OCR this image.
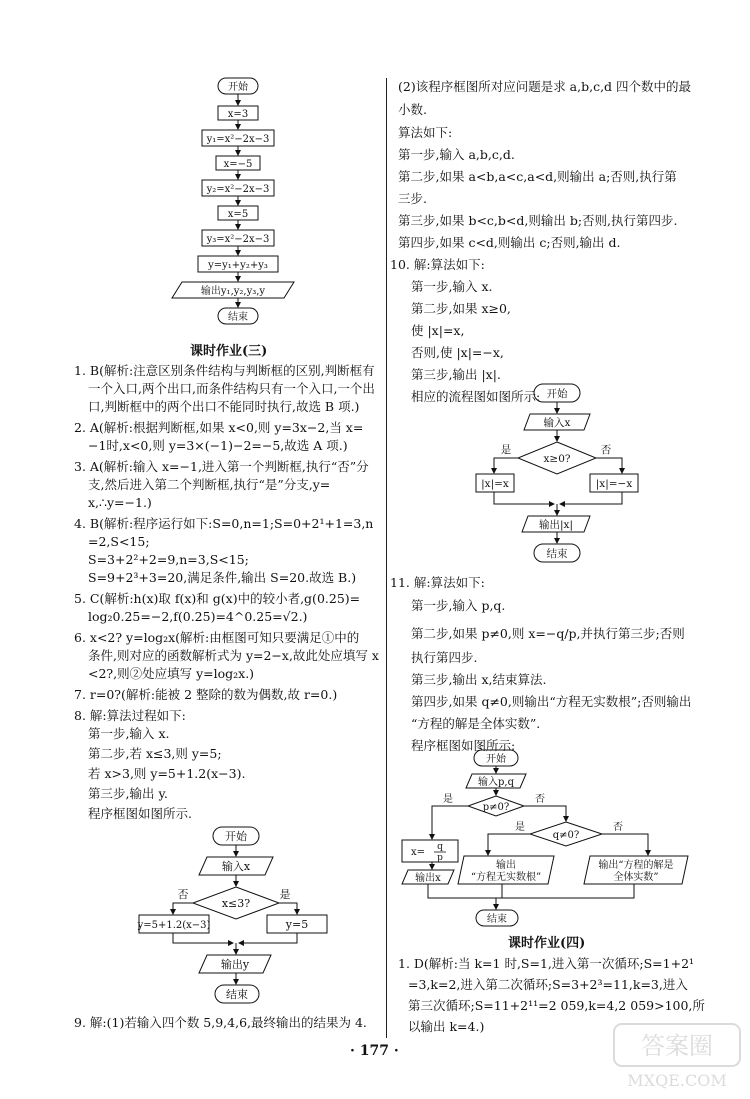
开始
x=3
y₁=x²−2x−3
x=−5
y₂=x²−2x−3
x=5
y₃=x²−2x−3
y=y₁+y₂+y₃
输出y₁,y₂,y₃,y
结束
课时作业(三)
1. B(解析:注意区别条件结构与判断框的区别,判断框有
一个入口,两个出口,而条件结构只有一个入口,一个出
口,判断框中的两个出口不能同时执行,故选 B 项.)
2. A(解析:根据判断框,如果 x<0,则 y=3x−2,当 x=
−1时,x<0,则 y=3×(−1)−2=−5,故选 A 项.)
3. A(解析:输入 x=−1,进入第一个判断框,执行“否”分
支,然后进入第二个判断框,执行“是”分支,y=
x,∴y=−1.)
4. B(解析:程序运行如下:S=0,n=1;S=0+2¹+1=3,n
=2,S<15;
S=3+2²+2=9,n=3,S<15;
S=9+2³+3=20,满足条件,输出 S=20.故选 B.)
5. C(解析:h(x)取 f(x)和 g(x)中的较小者,g(0.25)=
log₂0.25=−2,f(0.25)=4^0.25=√2.)
6. x<2? y=log₂x(解析:由框图可知只要满足①中的
条件,则对应的函数解析式为 y=2−x,故此处应填写 x
<2?,则②处应填写 y=log₂x.)
7. r=0?(解析:能被 2 整除的数为偶数,故 r=0.)
8. 解:算法过程如下:
第一步,输入 x.
第二步,若 x≤3,则 y=5;
若 x>3,则 y=5+1.2(x−3).
第三步,输出 y.
程序框图如图所示.
开始
输入x
x≤3?
否	是
y=5+1.2(x−3)	y=5
输出y
结束
9. 解:(1)若输入四个数 5,9,4,6,最终输出的结果为 4.
(2)该程序框图所对应问题是求 a,b,c,d 四个数中的最
小数.
算法如下:
第一步,输入 a,b,c,d.
第二步,如果 a<b,a<c,a<d,则输出 a;否则,执行第
三步.
第三步,如果 b<c,b<d,则输出 b;否则,执行第四步.
第四步,如果 c<d,则输出 c;否则,输出 d.
10. 解:算法如下:
第一步,输入 x.
第二步,如果 x≥0,
使 |x|=x,
否则,使 |x|=−x,
第三步,输出 |x|.
相应的流程图如图所示: 开始
输入x
x≥0?
是	否
|x|=x	|x|=−x
输出|x|
结束
11. 解:算法如下:
第一步,输入 p,q.
第二步,如果 p≠0,则 x=−q/p,并执行第三步;否则
执行第四步.
第三步,输出 x,结束算法.
第四步,如果 q≠0,则输出“方程无实数根”;否则输出
“方程的解是全体实数”.
程序框图如图所示:
开始
输入p,q
p≠0?
是	否
q≠0?
是	否
x= q
p
输出x
输出
“方程无实数根”
输出“方程的解是
全体实数”
结束
课时作业(四)
1. D(解析:当 k=1 时,S=1,进入第一次循环;S=1+2¹
=3,k=2,进入第二次循环;S=3+2³=11,k=3,进入
第三次循环;S=11+2¹¹=2 059,k=4,2 059>100,所
以输出 k=4.)
· 177 ·	答案圈
MXQE.COM
